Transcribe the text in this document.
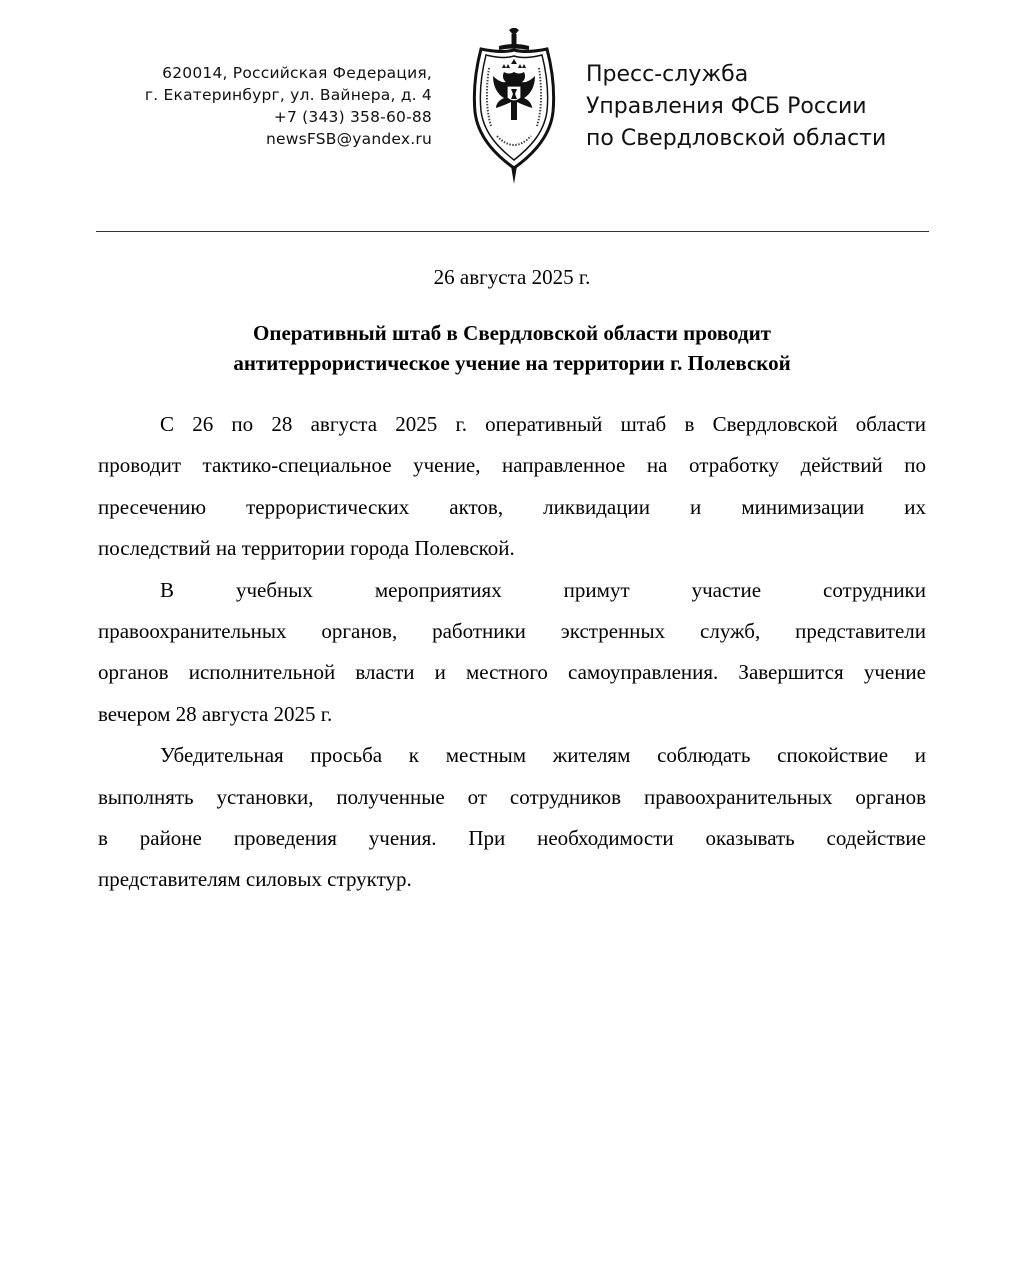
620014, Российская Федерация,
г. Екатеринбург, ул. Вайнера, д. 4
+7 (343) 358-60-88
newsFSB@yandex.ru
Пресс-служба
Управления ФСБ России
по Свердловской области
26 августа 2025 г.
Оперативный штаб в Свердловской области проводит
антитеррористическое учение на территории г. Полевской
С 26 по 28 августа 2025 г. оперативный штаб в Свердловской области
проводит тактико-специальное учение, направленное на отработку действий по
пресечению террористических актов, ликвидации и минимизации их
последствий на территории города Полевской.
В учебных мероприятиях примут участие сотрудники
правоохранительных органов, работники экстренных служб, представители
органов исполнительной власти и местного самоуправления. Завершится учение
вечером 28 августа 2025 г.
Убедительная просьба к местным жителям соблюдать спокойствие и
выполнять установки, полученные от сотрудников правоохранительных органов
в районе проведения учения. При необходимости оказывать содействие
представителям силовых структур.
